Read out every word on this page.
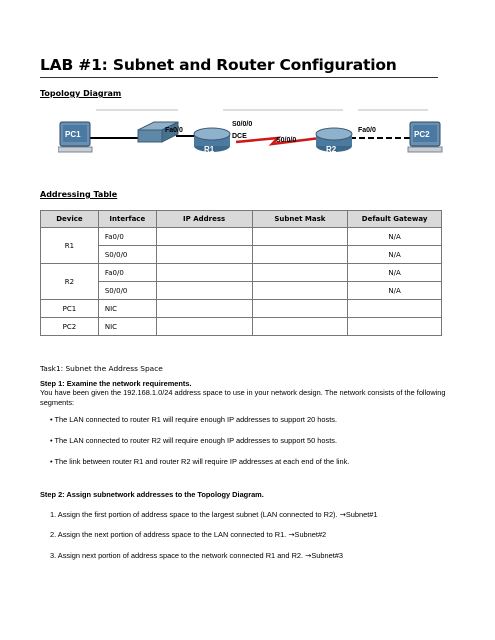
LAB #1: Subnet and Router Configuration
Topology Diagram
PC1	Fa0/0
R1
S0/0/0
DCE
S0/0/0
R2
Fa0/0	PC2
Addressing Table
Device	Interface	IP Address	Subnet Mask	Default Gateway
R1	Fa0/0			N/A
	S0/0/0			N/A
R2	Fa0/0			N/A
	S0/0/0			N/A
PC1	NIC			
PC2	NIC			
Task1: Subnet the Address Space
Step 1: Examine the network requirements.
You have been given the 192.168.1.0/24 address space to use in your network design. The network consists of the following segments:
• The LAN connected to router R1 will require enough IP addresses to support 20 hosts.
• The LAN connected to router R2 will require enough IP addresses to support 50 hosts.
• The link between router R1 and router R2 will require IP addresses at each end of the link.
Step 2: Assign subnetwork addresses to the Topology Diagram.
1. Assign the first portion of address space to the largest subnet (LAN connected to R2). →Subnet#1
2. Assign the next portion of address space to the LAN connected to R1. →Subnet#2
3. Assign next portion of address space to the network connected R1 and R2. →Subnet#3
